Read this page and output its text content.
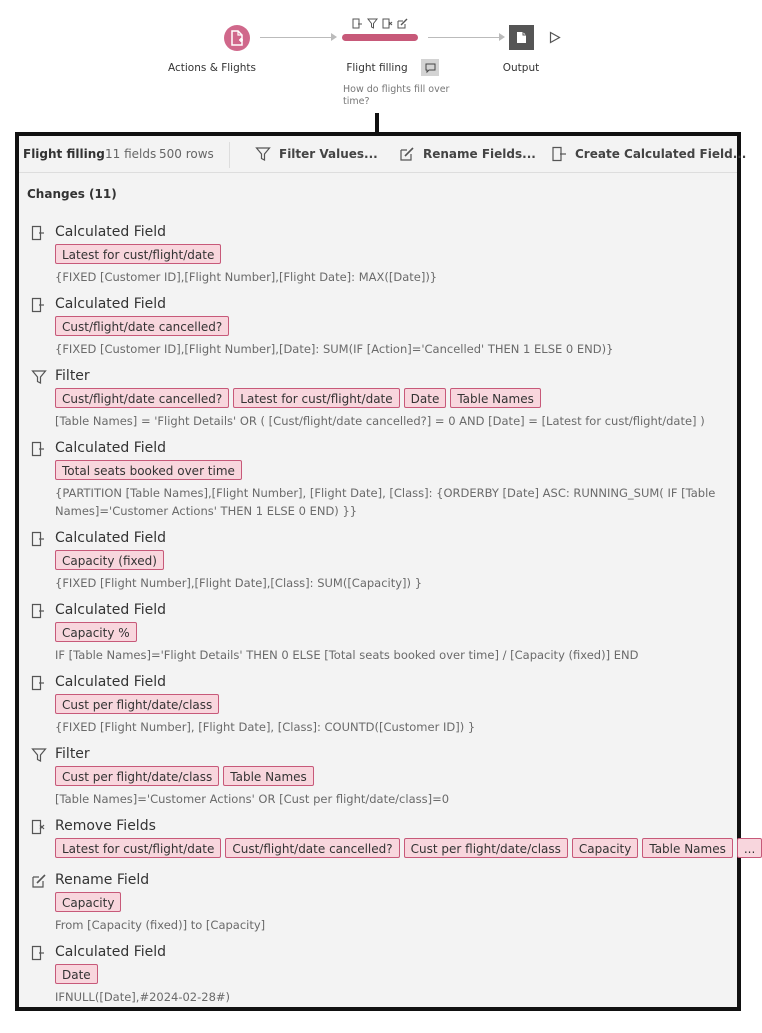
Actions & Flights	Flight filling
How do flights fill over time?
Output
Flight filling 11 fields 500 rows	Filter Values...	Rename Fields...	Create Calculated Field...
Changes (11)
Calculated Field
Latest for cust/flight/date
{FIXED [Customer ID],[Flight Number],[Flight Date]: MAX([Date])}
Calculated Field
Cust/flight/date cancelled?
{FIXED [Customer ID],[Flight Number],[Date]: SUM(IF [Action]='Cancelled' THEN 1 ELSE 0 END)}
Filter
Cust/flight/date cancelled?	Latest for cust/flight/date	Date	Table Names
[Table Names] = 'Flight Details' OR ( [Cust/flight/date cancelled?] = 0 AND [Date] = [Latest for cust/flight/date] )
Calculated Field
Total seats booked over time
{PARTITION [Table Names],[Flight Number], [Flight Date], [Class]: {ORDERBY [Date] ASC: RUNNING_SUM( IF [Table Names]='Customer Actions' THEN 1 ELSE 0 END) }}
Calculated Field
Capacity (fixed)
{FIXED [Flight Number],[Flight Date],[Class]: SUM([Capacity]) }
Calculated Field
Capacity %
IF [Table Names]='Flight Details' THEN 0 ELSE [Total seats booked over time] / [Capacity (fixed)] END
Calculated Field
Cust per flight/date/class
{FIXED [Flight Number], [Flight Date], [Class]: COUNTD([Customer ID]) }
Filter
Cust per flight/date/class	Table Names
[Table Names]='Customer Actions' OR [Cust per flight/date/class]=0
Remove Fields
Latest for cust/flight/date	Cust/flight/date cancelled?	Cust per flight/date/class	Capacity	Table Names	...
Rename Field
Capacity
From [Capacity (fixed)] to [Capacity]
Calculated Field
Date
IFNULL([Date],#2024-02-28#)
